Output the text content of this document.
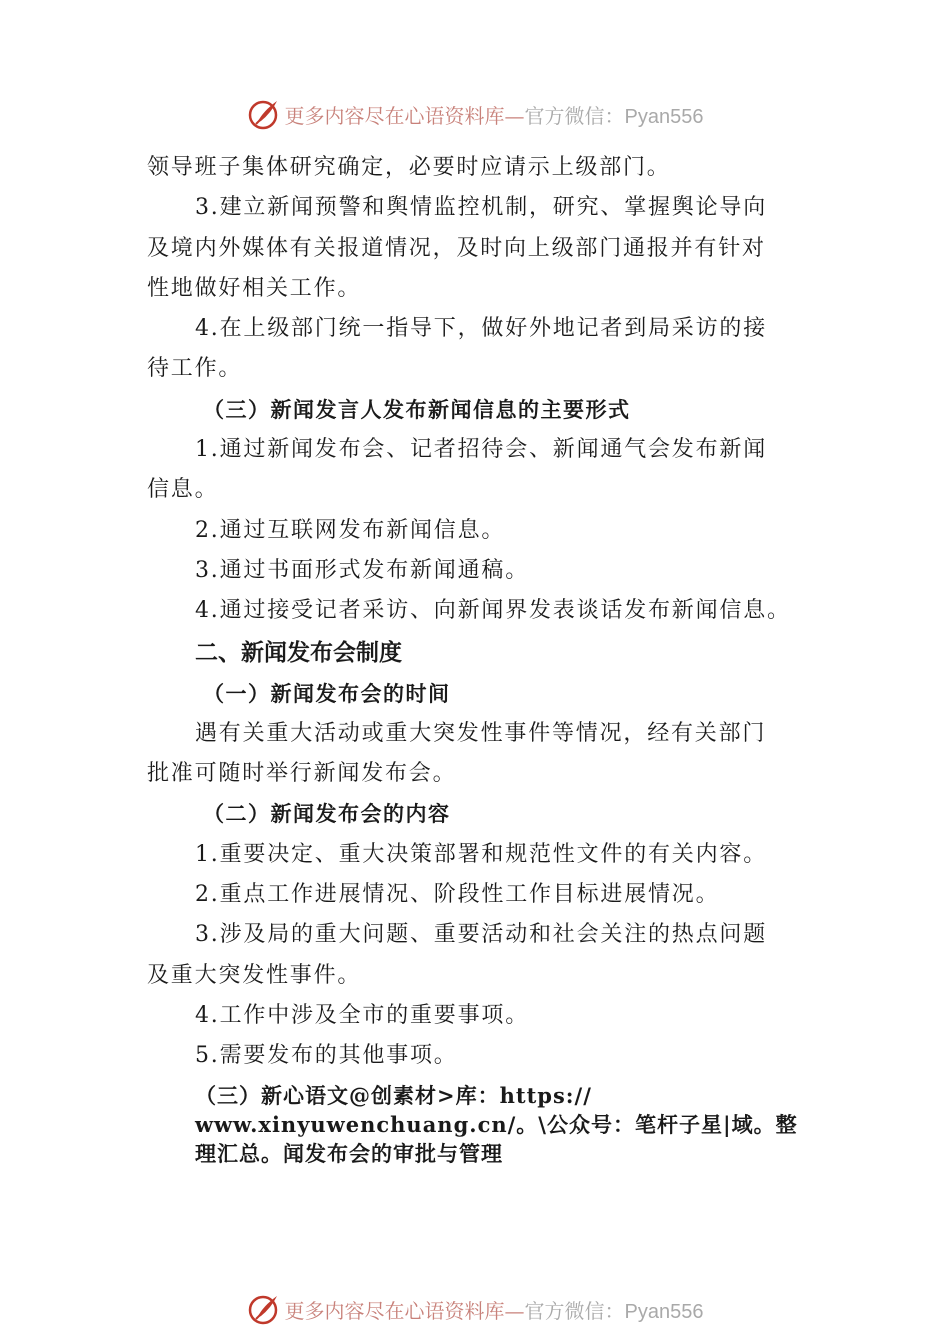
更多内容尽在心语资料库—官方微信：Pyan556

领导班子集体研究确定，必要时应请示上级部门。

3.建立新闻预警和舆情监控机制，研究、掌握舆论导向

及境内外媒体有关报道情况，及时向上级部门通报并有针对

性地做好相关工作。

4.在上级部门统一指导下，做好外地记者到局采访的接

待工作。

（三）新闻发言人发布新闻信息的主要形式

1.通过新闻发布会、记者招待会、新闻通气会发布新闻

信息。

2.通过互联网发布新闻信息。

3.通过书面形式发布新闻通稿。

4.通过接受记者采访、向新闻界发表谈话发布新闻信息。

二、新闻发布会制度

（一）新闻发布会的时间

遇有关重大活动或重大突发性事件等情况，经有关部门

批准可随时举行新闻发布会。

（二）新闻发布会的内容

1.重要决定、重大决策部署和规范性文件的有关内容。

2.重点工作进展情况、阶段性工作目标进展情况。

3.涉及局的重大问题、重要活动和社会关注的热点问题

及重大突发性事件。

4.工作中涉及全市的重要事项。

5.需要发布的其他事项。

（三）新心语文@创素材>库：https://
www.xinyuwenchuang.cn/。\公众号：笔杆子星|域。整
理汇总。闻发布会的审批与管理
更多内容尽在心语资料库—官方微信：Pyan556
